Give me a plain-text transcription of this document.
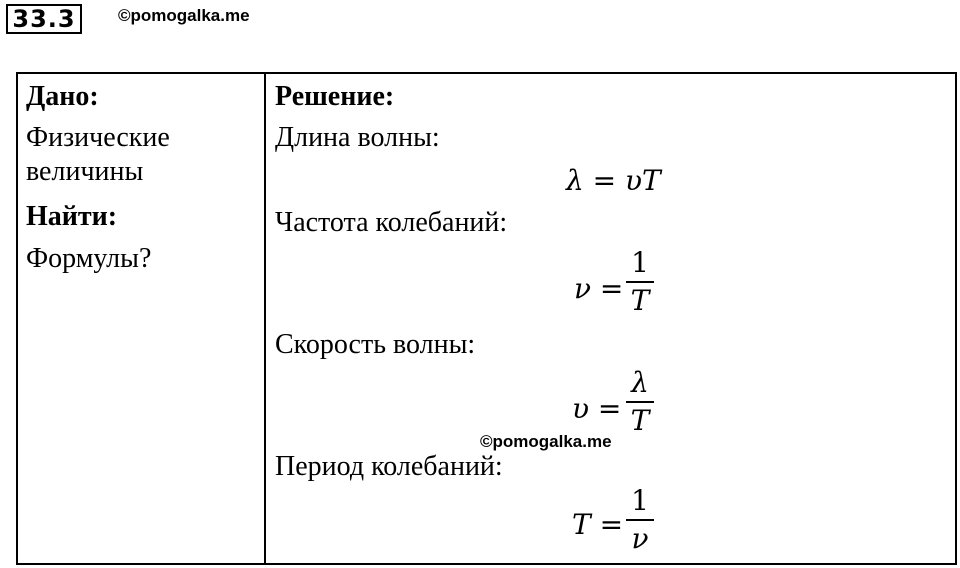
33.3	©pomogalka.me
Дано:
Физические
величины
Найти:
Формулы?
Решение:
Длина волны:
λ = υT
Частота колебаний:
ν =
1
T
Скорость волны:
υ =
λ
T
Период колебаний:
T =
1
ν
©pomogalka.me
